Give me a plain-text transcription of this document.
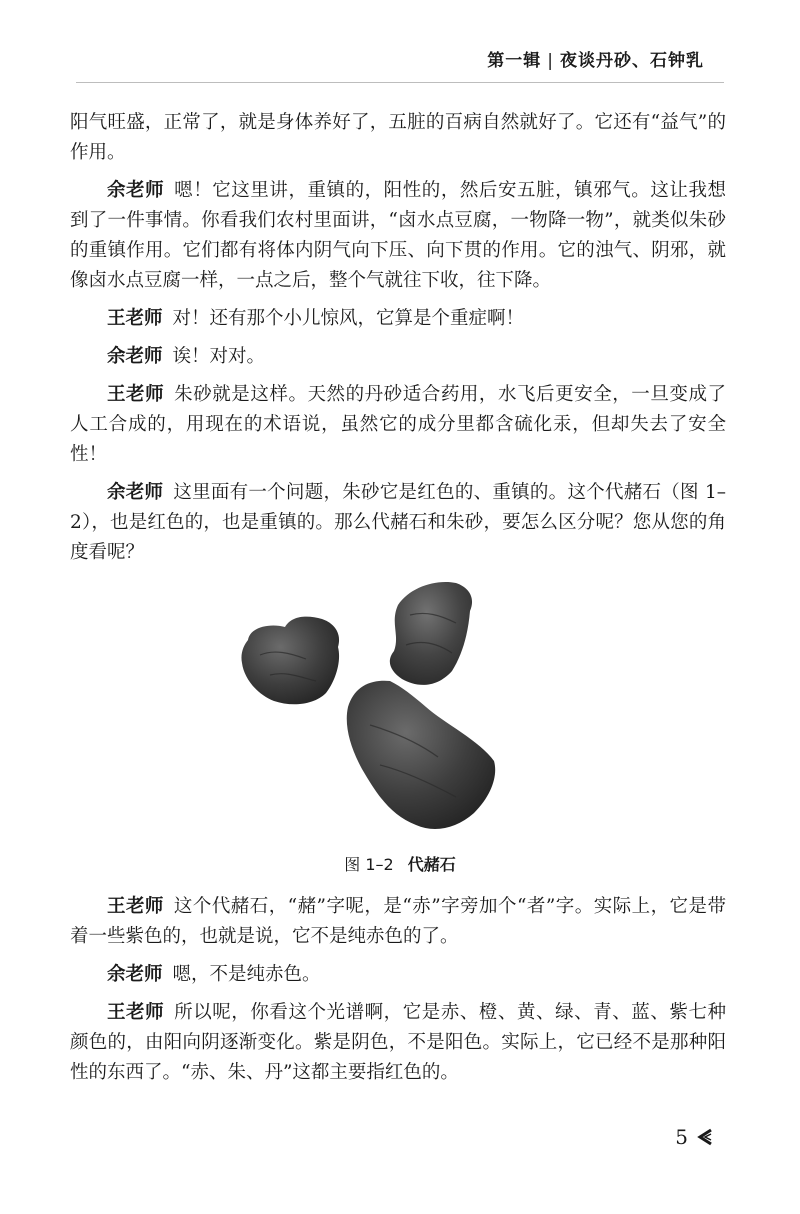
第一辑 | 夜谈丹砂、石钟乳

阳气旺盛，正常了，就是身体养好了，五脏的百病自然就好了。它还有“益气”的作用。

余老师 嗯！它这里讲，重镇的，阳性的，然后安五脏，镇邪气。这让我想到了一件事情。你看我们农村里面讲，“卤水点豆腐，一物降一物”，就类似朱砂的重镇作用。它们都有将体内阴气向下压、向下贯的作用。它的浊气、阴邪，就像卤水点豆腐一样，一点之后，整个气就往下收，往下降。

王老师 对！还有那个小儿惊风，它算是个重症啊！

余老师 诶！对对。

王老师 朱砂就是这样。天然的丹砂适合药用，水飞后更安全，一旦变成了人工合成的，用现在的术语说，虽然它的成分里都含硫化汞，但却失去了安全性！

余老师 这里面有一个问题，朱砂它是红色的、重镇的。这个代赭石（图 1–2），也是红色的，也是重镇的。那么代赭石和朱砂，要怎么区分呢？您从您的角度看呢？

图 1–2 代赭石

王老师 这个代赭石，“赭”字呢，是“赤”字旁加个“者”字。实际上，它是带着一些紫色的，也就是说，它不是纯赤色的了。

余老师 嗯，不是纯赤色。

王老师 所以呢，你看这个光谱啊，它是赤、橙、黄、绿、青、蓝、紫七种颜色的，由阳向阴逐渐变化。紫是阴色，不是阳色。实际上，它已经不是那种阳性的东西了。“赤、朱、丹”这都主要指红色的。

5
